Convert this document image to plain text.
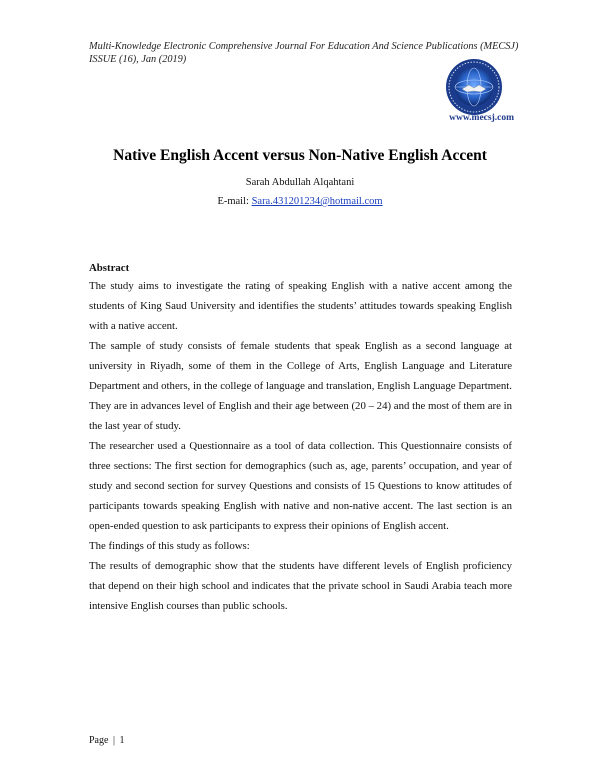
Multi-Knowledge Electronic Comprehensive Journal For Education And Science Publications (MECSJ)
ISSUE (16), Jan (2019)
www.mecsj.com
Native English Accent versus Non-Native English Accent
Sarah Abdullah Alqahtani
E-mail: Sara.431201234@hotmail.com

Abstract

The study aims to investigate the rating of speaking English with a native accent among the students of King Saud University and identifies the students’ attitudes towards speaking English with a native accent.

The sample of study consists of female students that speak English as a second language at university in Riyadh, some of them in the College of Arts, English Language and Literature Department and others, in the college of language and translation, English Language Department. They are in advances level of English and their age between (20 – 24) and the most of them are in the last year of study.

The researcher used a Questionnaire as a tool of data collection. This Questionnaire consists of three sections: The first section for demographics (such as, age, parents’ occupation, and year of study and second section for survey Questions and consists of 15 Questions to know attitudes of participants towards speaking English with native and non-native accent. The last section is an open-ended question to ask participants to express their opinions of English accent.

The findings of this study as follows:

The results of demographic show that the students have different levels of English proficiency that depend on their high school and indicates that the private school in Saudi Arabia teach more intensive English courses than public schools.

Page | 1
